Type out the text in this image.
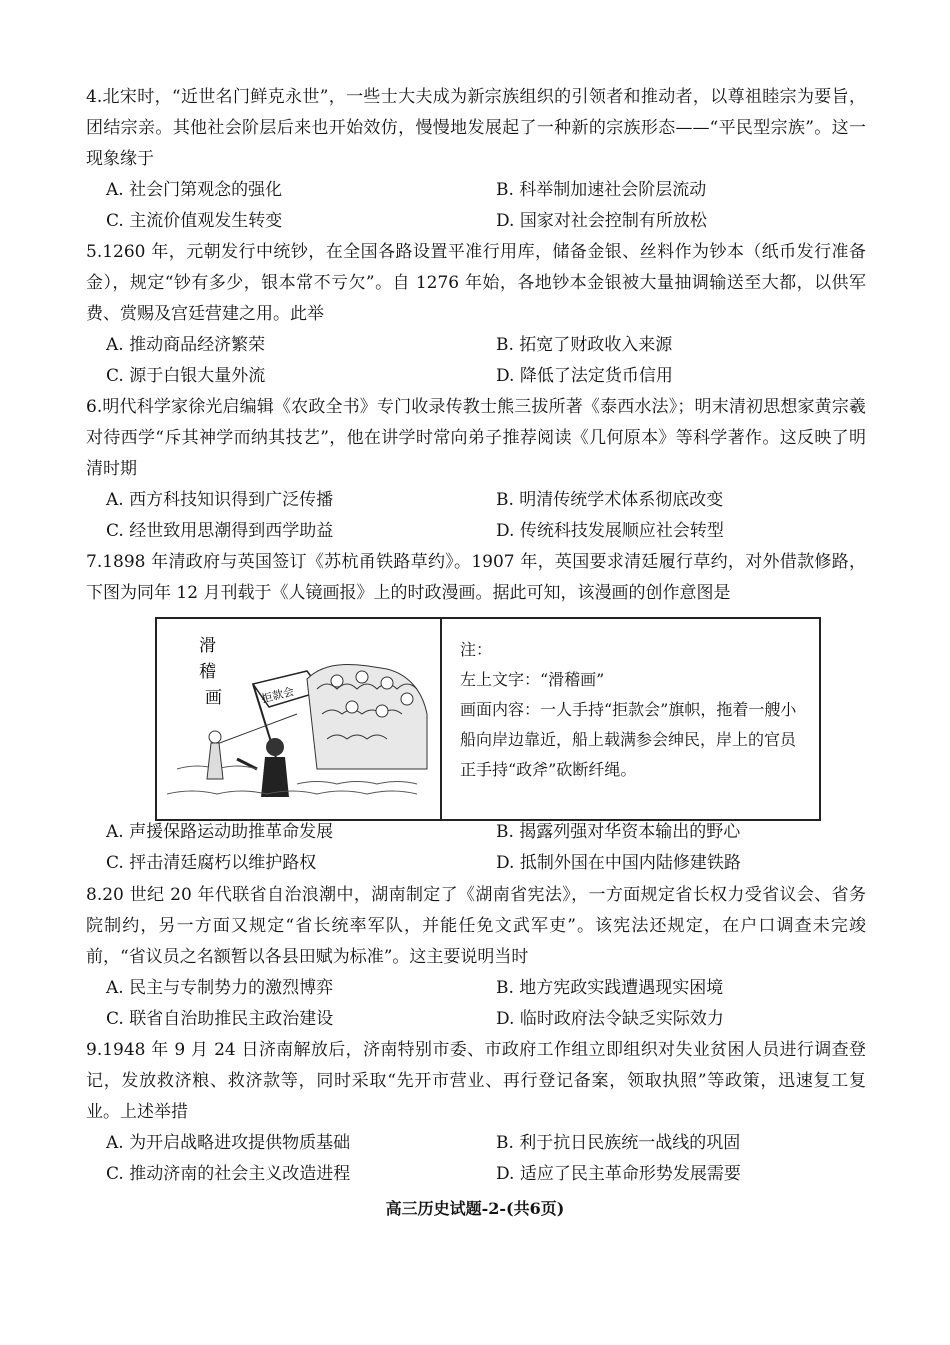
4.北宋时，“近世名门鲜克永世”，一些士大夫成为新宗族组织的引领者和推动者，以尊祖睦宗为要旨，团结宗亲。其他社会阶层后来也开始效仿，慢慢地发展起了一种新的宗族形态——“平民型宗族”。这一现象缘于
A. 社会门第观念的强化	B. 科举制加速社会阶层流动
C. 主流价值观发生转变	D. 国家对社会控制有所放松
5.1260 年，元朝发行中统钞，在全国各路设置平准行用库，储备金银、丝料作为钞本（纸币发行准备金），规定“钞有多少，银本常不亏欠”。自 1276 年始，各地钞本金银被大量抽调输送至大都，以供军费、赏赐及宫廷营建之用。此举
A. 推动商品经济繁荣	B. 拓宽了财政收入来源
C. 源于白银大量外流	D. 降低了法定货币信用
6.明代科学家徐光启编辑《农政全书》专门收录传教士熊三拔所著《泰西水法》；明末清初思想家黄宗羲对待西学“斥其神学而纳其技艺”，他在讲学时常向弟子推荐阅读《几何原本》等科学著作。这反映了明清时期
A. 西方科技知识得到广泛传播	B. 明清传统学术体系彻底改变
C. 经世致用思潮得到西学助益	D. 传统科技发展顺应社会转型
7.1898 年清政府与英国签订《苏杭甬铁路草约》。1907 年，英国要求清廷履行草约，对外借款修路，下图为同年 12 月刊载于《人镜画报》上的时政漫画。据此可知，该漫画的创作意图是
滑
稽
画	拒款会
注：
左上文字：“滑稽画”
画面内容：一人手持“拒款会”旗帜，拖着一艘小船向岸边靠近，船上载满参会绅民，岸上的官员正手持“政斧”砍断纤绳。
A. 声援保路运动助推革命发展	B. 揭露列强对华资本输出的野心
C. 抨击清廷腐朽以维护路权	D. 抵制外国在中国内陆修建铁路
8.20 世纪 20 年代联省自治浪潮中，湖南制定了《湖南省宪法》，一方面规定省长权力受省议会、省务院制约，另一方面又规定“省长统率军队，并能任免文武军吏”。该宪法还规定，在户口调查未完竣前，“省议员之名额暂以各县田赋为标准”。这主要说明当时
A. 民主与专制势力的激烈博弈	B. 地方宪政实践遭遇现实困境
C. 联省自治助推民主政治建设	D. 临时政府法令缺乏实际效力
9.1948 年 9 月 24 日济南解放后，济南特别市委、市政府工作组立即组织对失业贫困人员进行调查登记，发放救济粮、救济款等，同时采取“先开市营业、再行登记备案，领取执照”等政策，迅速复工复业。上述举措
A. 为开启战略进攻提供物质基础	B. 利于抗日民族统一战线的巩固
C. 推动济南的社会主义改造进程	D. 适应了民主革命形势发展需要
高三历史试题-2-(共6页)
